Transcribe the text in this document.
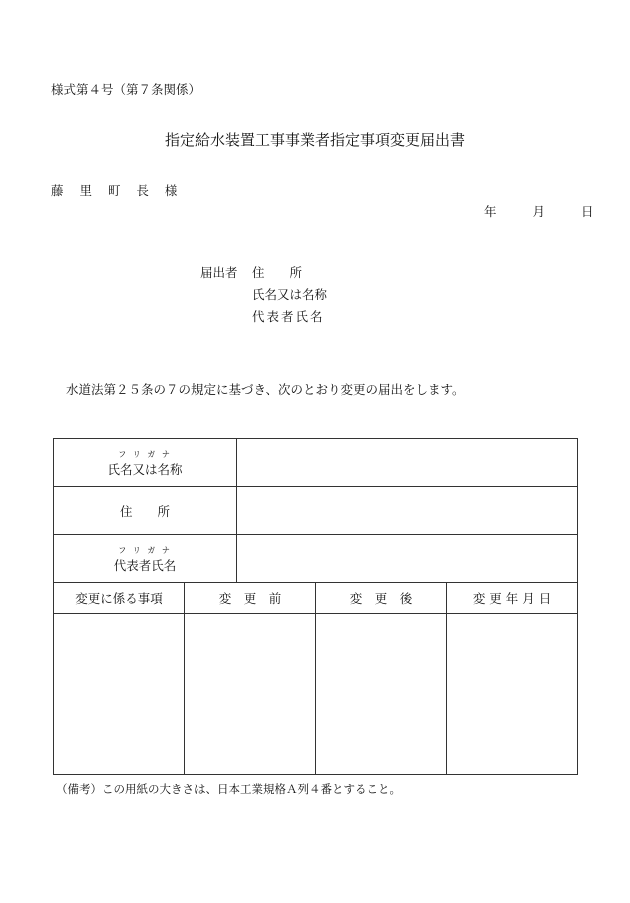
様式第４号（第７条関係）
指定給水装置工事事業者指定事項変更届出書
藤 里 町 長 様
年	月	日
届出者	住　　所
氏名又は名称
代表者氏名
水道法第２５条の７の規定に基づき、次のとおり変更の届出をします。
フ リ ガ ナ
氏名又は名称				

住　　所				

フ リ ガ ナ
代表者氏名				

変更に係る事項	変　更　前		変　更　後	変 更 年 月 日

（備考）この用紙の大きさは、日本工業規格Ａ列４番とすること。
